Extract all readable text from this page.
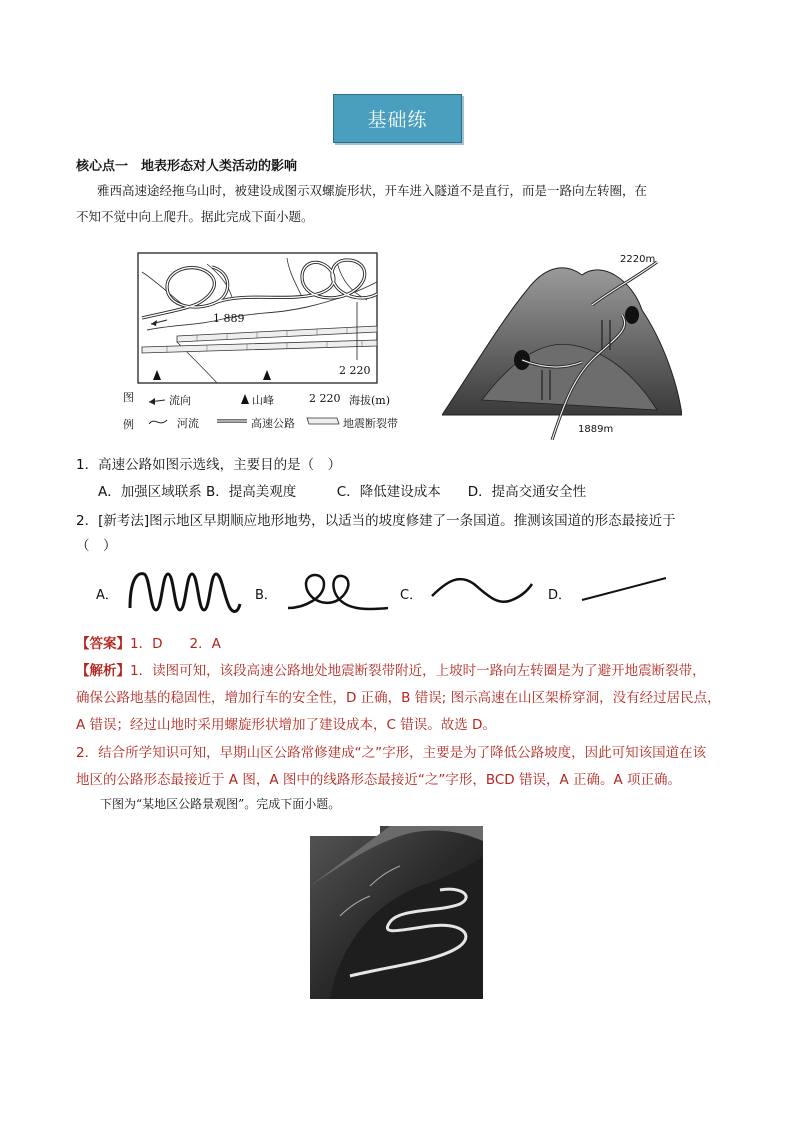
基础练
核心点一　地表形态对人类活动的影响
雅西高速途经拖乌山时，被建设成图示双螺旋形状，开车进入隧道不是直行，而是一路向左转圈，在
不知不觉中向上爬升。据此完成下面小题。
1 889
2 220
图
例
流向	山峰	2 220 海拔(m)
河流	高速公路	地震断裂带
2220m
1889m
1．高速公路如图示选线，主要目的是（　）
A．加强区域联系 B．提高美观度　　　C．降低建设成本　　D．提高交通安全性
2．[新考法]图示地区早期顺应地形地势，以适当的坡度修建了一条国道。推测该国道的形态最接近于
（　）
A．	B．	C．	D．
【答案】1．D　　2．A
【解析】1．读图可知，该段高速公路地处地震断裂带附近，上坡时一路向左转圈是为了避开地震断裂带，
确保公路地基的稳固性，增加行车的安全性，D 正确，B 错误; 图示高速在山区架桥穿洞，没有经过居民点，
A 错误；经过山地时采用螺旋形状增加了建设成本，C 错误。故选 D。
2．结合所学知识可知，早期山区公路常修建成“之”字形，主要是为了降低公路坡度，因此可知该国道在该
地区的公路形态最接近于 A 图，A 图中的线路形态最接近“之”字形，BCD 错误，A 正确。A 项正确。
下图为“某地区公路景观图”。完成下面小题。
